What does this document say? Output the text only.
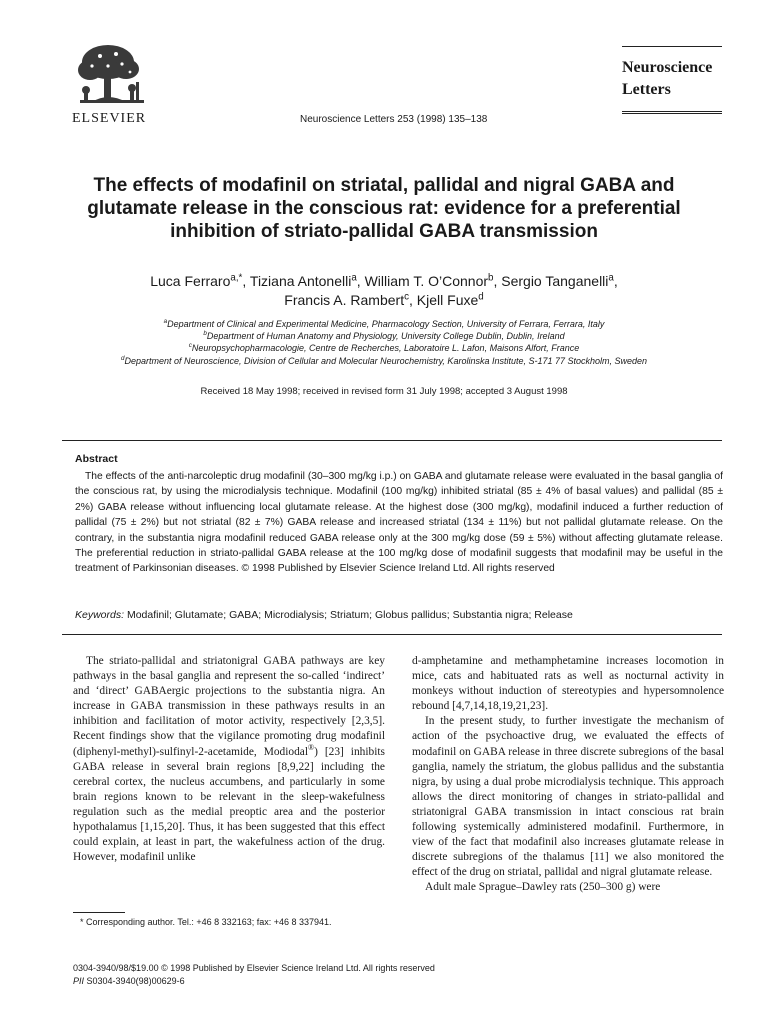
ELSEVIER	Neuroscience Letters 253 (1998) 135–138
Neuroscience
Letters
The effects of modafinil on striatal, pallidal and nigral GABA and glutamate release in the conscious rat: evidence for a preferential inhibition of striato-pallidal GABA transmission
Luca Ferraro$^{a,*}$, Tiziana Antonelli$^a$, William T. O’Connor$^b$, Sergio Tanganelli$^a$,
Francis A. Rambert$^c$, Kjell Fuxe$^d$
$^a$Department of Clinical and Experimental Medicine, Pharmacology Section, University of Ferrara, Ferrara, Italy
$^b$Department of Human Anatomy and Physiology, University College Dublin, Dublin, Ireland
$^c$Neuropsychopharmacologie, Centre de Recherches, Laboratoire L. Lafon, Maisons Alfort, France
$^d$Department of Neuroscience, Division of Cellular and Molecular Neurochemistry, Karolinska Institute, S-171 77 Stockholm, Sweden
Received 18 May 1998; received in revised form 31 July 1998; accepted 3 August 1998
Abstract
The effects of the anti-narcoleptic drug modafinil (30–300 mg/kg i.p.) on GABA and glutamate release were evaluated in the basal ganglia of the conscious rat, by using the microdialysis technique. Modafinil (100 mg/kg) inhibited striatal (85 ± 4% of basal values) and pallidal (85 ± 2%) GABA release without influencing local glutamate release. At the highest dose (300 mg/kg), modafinil induced a further reduction of pallidal (75 ± 2%) but not striatal (82 ± 7%) GABA release and increased striatal (134 ± 11%) but not pallidal glutamate release. On the contrary, in the substantia nigra modafinil reduced GABA release only at the 300 mg/kg dose (59 ± 5%) without affecting glutamate release. The preferential reduction in striato-pallidal GABA release at the 100 mg/kg dose of modafinil suggests that modafinil may be useful in the treatment of Parkinsonian diseases. © 1998 Published by Elsevier Science Ireland Ltd. All rights reserved
Keywords: Modafinil; Glutamate; GABA; Microdialysis; Striatum; Globus pallidus; Substantia nigra; Release

The striato-pallidal and striatonigral GABA pathways are key pathways in the basal ganglia and represent the so-called ‘indirect’ and ‘direct’ GABAergic projections to the substantia nigra. An increase in GABA transmission in these pathways results in an inhibition and facilitation of motor activity, respectively [2,3,5]. Recent findings show that the vigilance promoting drug modafinil (diphenyl-methyl)-sulfinyl-2-acetamide, Modiodal®) [23] inhibits GABA release in several brain regions [8,9,22] including the cerebral cortex, the nucleus accumbens, and particularly in some brain regions known to be relevant in the sleep-wakefulness regulation such as the medial preoptic area and the posterior hypothalamus [1,15,20]. Thus, it has been suggested that this effect could explain, at least in part, the wakefulness action of the drug. However, modafinil unlike

d-amphetamine and methamphetamine increases locomotion in mice, cats and habituated rats as well as nocturnal activity in monkeys without induction of stereotypies and hypersomnolence rebound [4,7,14,18,19,21,23].

In the present study, to further investigate the mechanism of action of the psychoactive drug, we evaluated the effects of modafinil on GABA release in three discrete subregions of the basal ganglia, namely the striatum, the globus pallidus and the substantia nigra, by using a dual probe microdialysis technique. This approach allows the direct monitoring of changes in striato-pallidal and striatonigral GABA transmission in intact conscious rat brain following systemically administered modafinil. Furthermore, in view of the fact that modafinil also increases glutamate release in discrete subregions of the thalamus [11] we also monitored the effect of the drug on striatal, pallidal and nigral glutamate release.

Adult male Sprague–Dawley rats (250–300 g) were

* Corresponding author. Tel.: +46 8 332163; fax: +46 8 337941.
0304-3940/98/$19.00 © 1998 Published by Elsevier Science Ireland Ltd. All rights reserved
PII S0304-3940(98)00629-6
